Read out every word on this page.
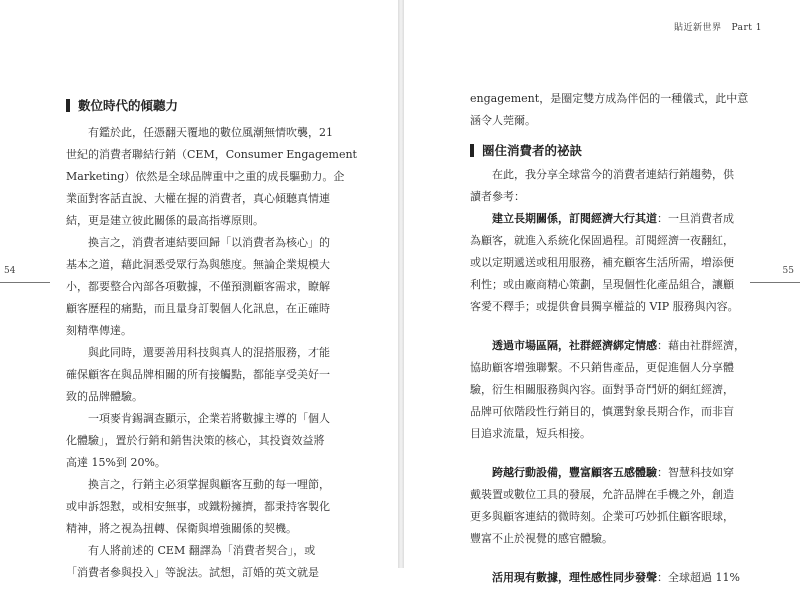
54
數位時代的傾聽力
　　有鑑於此，任憑翻天覆地的數位風潮無情吹襲，21
世紀的消費者聯結行銷（CEM，Consumer Engagement
Marketing）依然是全球品牌重中之重的成長驅動力。企
業面對客話直說、大權在握的消費者，真心傾聽真情連
結，更是建立彼此關係的最高指導原則。
　　換言之，消費者連結要回歸「以消費者為核心」的
基本之道，藉此洞悉受眾行為與態度。無論企業規模大
小，都要整合內部各項數據，不僅預測顧客需求，瞭解
顧客歷程的痛點，而且量身訂製個人化訊息，在正確時
刻精準傳達。
　　與此同時，還要善用科技與真人的混搭服務，才能
確保顧客在與品牌相關的所有接觸點，都能享受美好一
致的品牌體驗。
　　一項麥肯錫調查顯示，企業若將數據主導的「個人
化體驗」，置於行銷和銷售決策的核心，其投資效益將
高達 15%到 20%。
　　換言之，行銷主必須掌握與顧客互動的每一哩節，
或申訴怨懟，或相安無事，或鐵粉擁擠，都秉持客製化
精神，將之視為扭轉、保衛與增強關係的契機。
　　有人將前述的 CEM 翻譯為「消費者契合」，或
「消費者參與投入」等說法。試想，訂婚的英文就是
貼近新世界 Part 1
55
engagement，是圈定雙方成為伴侶的一種儀式，此中意
涵令人莞爾。
圈住消費者的祕訣
　　在此，我分享全球當今的消費者連結行銷趨勢，供
讀者參考：
　　建立長期關係，訂閱經濟大行其道：一旦消費者成
為顧客，就進入系統化保固過程。訂閱經濟一夜翻紅，
或以定期遞送或租用服務，補充顧客生活所需，增添便
利性；或由廠商精心策劃，呈現個性化產品組合，讓顧
客愛不釋手；或提供會員獨享權益的 VIP 服務與內容。
　　透過市場區隔，社群經濟綁定情感：藉由社群經濟，
協助顧客增強聯繫。不只銷售產品，更促進個人分享體
驗，衍生相關服務與內容。面對爭奇鬥妍的網紅經濟，
品牌可依階段性行銷目的，慎選對象長期合作，而非盲
目追求流量，短兵相接。
　　跨越行動設備，豐富顧客五感體驗：智慧科技如穿
戴裝置或數位工具的發展，允許品牌在手機之外，創造
更多與顧客連結的微時刻。企業可巧妙抓住顧客眼球，
豐富不止於視覺的感官體驗。
　　活用現有數據，理性感性同步發聲：全球超過 11%
